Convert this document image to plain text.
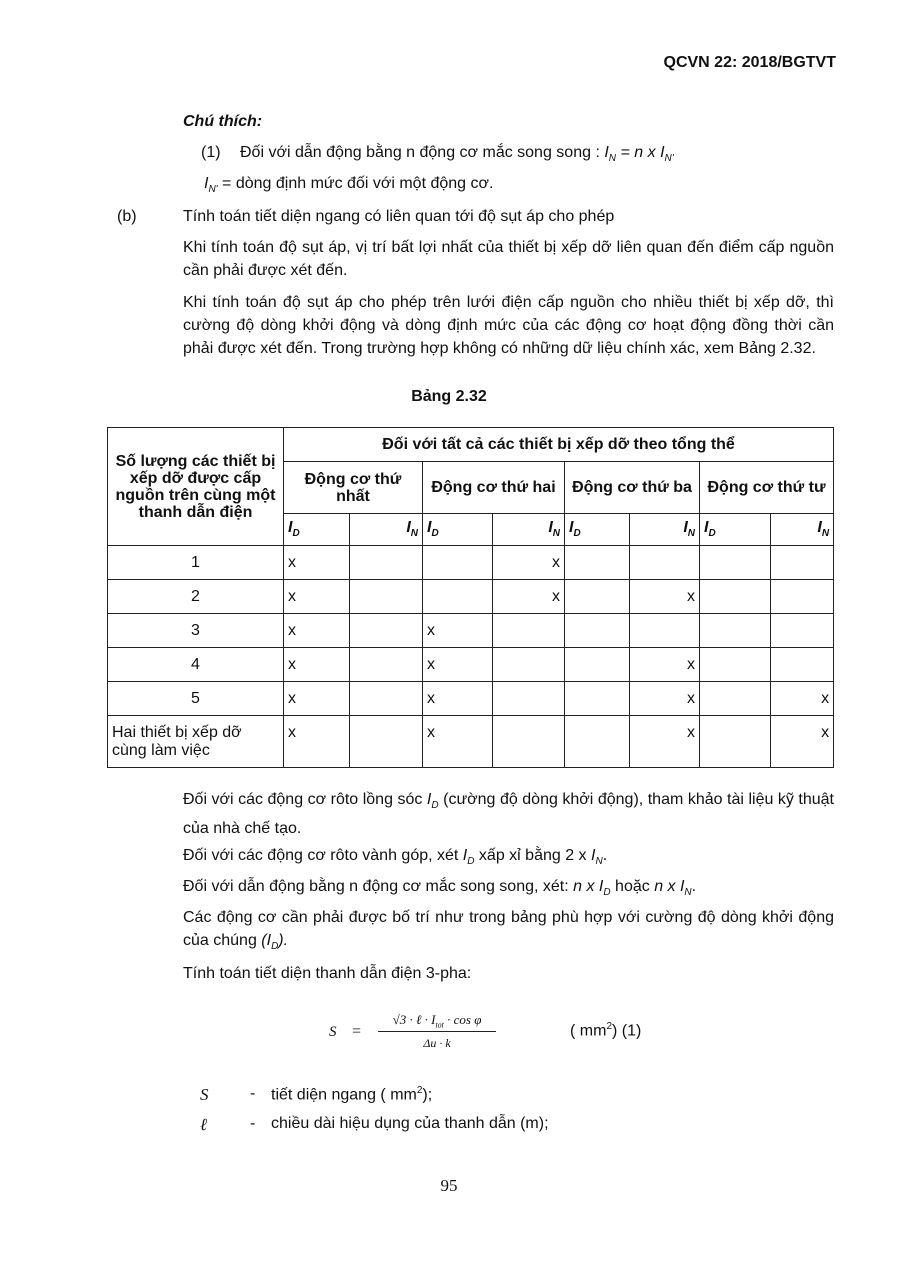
QCVN 22: 2018/BGTVT
Chú thích:
(1) Đối với dẫn động bằng n động cơ mắc song song : $I_N = n$ x $I_{N'}$
$I_{N'}$ = dòng định mức đối với một động cơ.
(b)	Tính toán tiết diện ngang có liên quan tới độ sụt áp cho phép
Khi tính toán độ sụt áp, vị trí bất lợi nhất của thiết bị xếp dỡ liên quan đến điểm cấp nguồn cần phải được xét đến.
Khi tính toán độ sụt áp cho phép trên lưới điện cấp nguồn cho nhiều thiết bị xếp dỡ, thì cường độ dòng khởi động và dòng định mức của các động cơ hoạt động đồng thời cần phải được xét đến. Trong trường hợp không có những dữ liệu chính xác, xem Bảng 2.32.
Bảng 2.32
Số lượng các thiết bị xếp dỡ được cấp nguồn trên cùng một thanh dẫn điện	Đối với tất cả các thiết bị xếp dỡ theo tổng thể							
	Động cơ thứ nhất		Động cơ thứ hai		Động cơ thứ ba		Động cơ thứ tư	
	$I_D$	$I_N$	$I_D$	$I_N$	$I_D$	$I_N$	$I_D$	$I_N$
1	x			x				
2	x			x		x		
3	x		x					
4	x		x			x		
5	x		x			x		x
Hai thiết bị xếp dỡ cùng làm việc	x		x			x		x
Đối với các động cơ rôto lồng sóc $I_D$ (cường độ dòng khởi động), tham khảo tài liệu kỹ thuật của nhà chế tạo.
Đối với các động cơ rôto vành góp, xét $I_D$ xấp xỉ bằng 2 x $I_N$.
Đối với dẫn động bằng n động cơ mắc song song, xét: n x $I_D$ hoặc n x $I_N$.
Các động cơ cần phải được bố trí như trong bảng phù hợp với cường độ dòng khởi động của chúng $(I_D)$.
Tính toán tiết diện thanh dẫn điện 3-pha:
S =
√3 · ℓ · $I_{tot} \cdot \cos \varphi$
Δu · k
( $mm^2$) (1)
S	- tiết diện ngang ( $mm^2$);
ℓ	- chiều dài hiệu dụng của thanh dẫn (m);
95
